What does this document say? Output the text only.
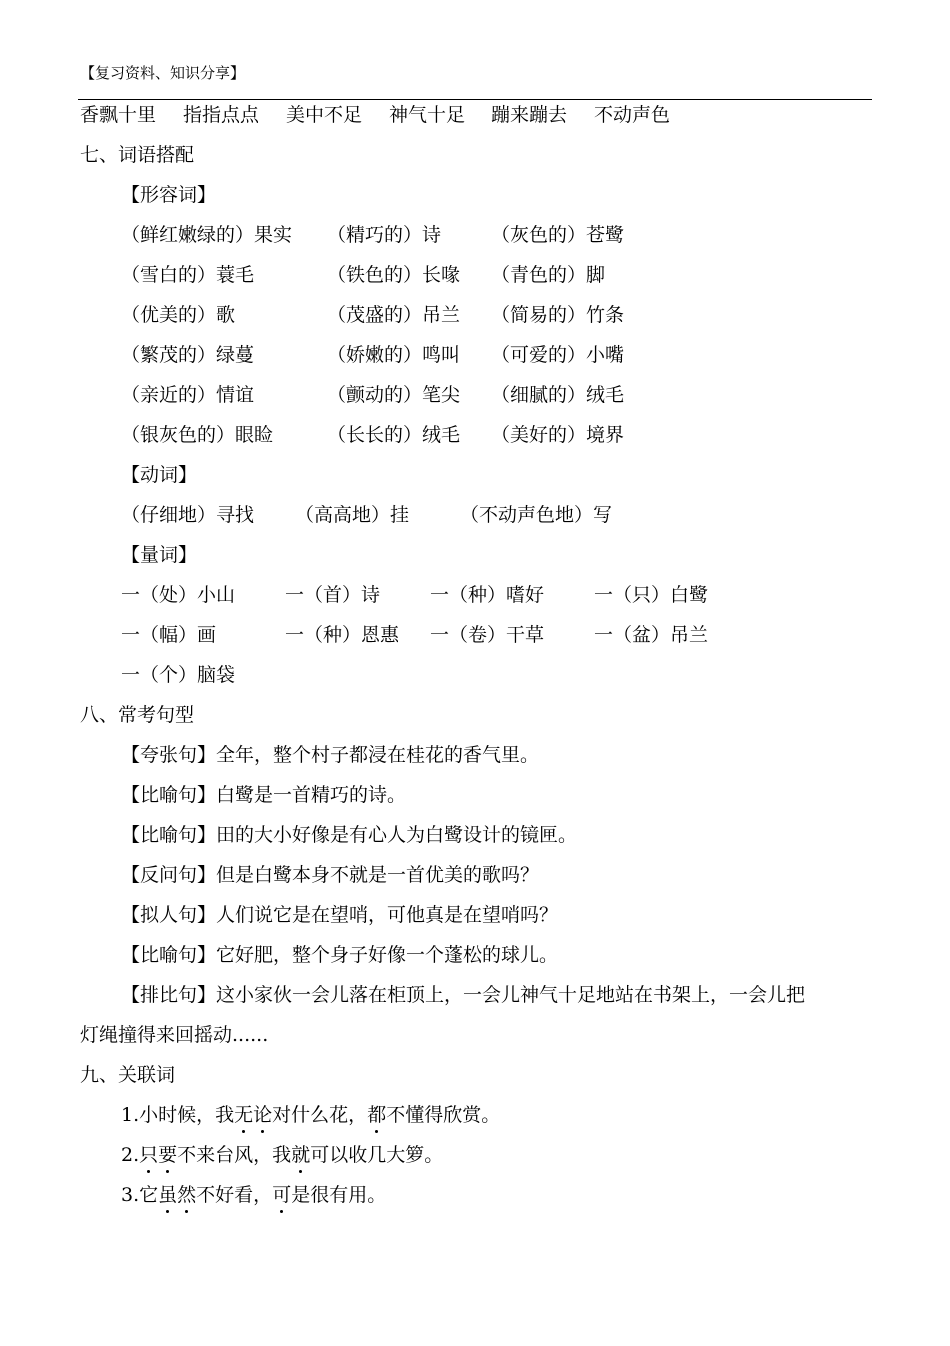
【复习资料、知识分享】
香飘十里 指指点点 美中不足 神气十足 蹦来蹦去 不动声色
七、词语搭配
【形容词】
（鲜红嫩绿的）果实 （精巧的）诗	（灰色的）苍鹭
（雪白的）蓑毛	（铁色的）长喙 （青色的）脚
（优美的）歌	（茂盛的）吊兰 （简易的）竹条
（繁茂的）绿蔓	（娇嫩的）鸣叫 （可爱的）小嘴
（亲近的）情谊	（颤动的）笔尖 （细腻的）绒毛
（银灰色的）眼睑	（长长的）绒毛 （美好的）境界
【动词】
（仔细地）寻找 （高高地）挂	（不动声色地）写
【量词】
一（处）小山	一（首）诗	一（种）嗜好	一（只）白鹭
一（幅）画	一（种）恩惠 一（卷）干草	一（盆）吊兰
一（个）脑袋
八、常考句型
【夸张句】全年，整个村子都浸在桂花的香气里。
【比喻句】白鹭是一首精巧的诗。
【比喻句】田的大小好像是有心人为白鹭设计的镜匣。
【反问句】但是白鹭本身不就是一首优美的歌吗？
【拟人句】人们说它是在望哨，可他真是在望哨吗？
【比喻句】它好肥，整个身子好像一个蓬松的球儿。
【排比句】这小家伙一会儿落在柜顶上，一会儿神气十足地站在书架上，一会儿把
灯绳撞得来回摇动......
九、关联词
1.小时候，我无论对什么花，都不懂得欣赏。
2.只要不来台风，我就可以收几大箩。
3.它虽然不好看，可是很有用。
